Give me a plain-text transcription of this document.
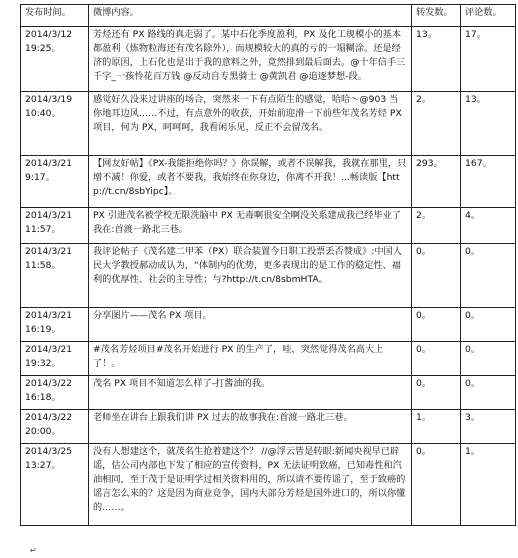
发布时间。	微博内容。	转发数。	评论数。

2014/3/12
19:25。	芳烃还有 PX 路线的真走弱了。某中石化季度盈利，PX 及化工规模小的基本都盈利（炼物粒海还有茂名除外），而规模较大的真的亏的一塌糊涂。还是经济的原因，上石化也是出于我的意料之外，竟然排到最后面去。@十年信手三千字_一孩怜花百万钱 @反动自专黑骑士 @黄凯君 @追逐梦想-段。	13。	17。

2014/3/19
10:40。	感觉好久没来过讲座的场合，突然来一下有点陌生的感觉，哈哈～@903 当你地耳边风……不过，有点意外的收获，开始前迎滑一下前些年茂名芳烃 PX 项目，何为 PX，呵呵呵，我看闲乐见，反正不会留茂名。	2。	13。

2014/3/21
9:17。	【网友好帖】《PX-我能拒绝你吗？》你误解，或者不误解我，我就在那里，只增不减！你爱，或者不要我，我始终在你身边，你离不开我！...畅读版【http://t.cn/8sbYipc】。	293。	167。

2014/3/21
11:57。	PX 引进茂名被学校无限洗脑中 PX 无毒啊很安全啊没关系建成我已经毕业了我在:首渡一路北三巷。	2。	4。

2014/3/21
11:58。	我评论帖子《茂名建二甲苯（PX）联合装置今日职工投票丢否赞成》:中国人民大学教授郝动成认为，“体制内的优势，更多表现出的是工作的稳定性、福利的优厚性、社会的主导性；与?http://t.cn/8sbmHTA。	0。	0。

2014/3/21
16:19。	分享图片——茂名 PX 项目。	0。	0。

2014/3/21
19:32。	#茂名芳烃项目#茂名开始进行 PX 的生产了，哇，突然觉得茂名高大上了！。	0。	0。

2014/3/22
16:18。	茂名 PX 项目不知道怎么样了-打酱油的我。	0。	0。

2014/3/22
20:00。	老师坐在讲台上跟我们讲 PX 过去的故事我在:首渡一路北三巷。	1。	3。

2014/3/25
13:27。	没有人想建这个，就茂名生抢着建这个？ //@浮云皆是转眼:新闻央视早已辟谣，估公司内部也下发了相应的宣传资料，PX 无法证明致癌，已知毒性和汽油相同，至于茂于是证明学过相关资料用的，所以请不要传谣了，至于致癌的谣言怎么来的？这是因为商业竞争，国内大部分芳烃是国外进口的，所以你懂的……。	0。	1。
↵
